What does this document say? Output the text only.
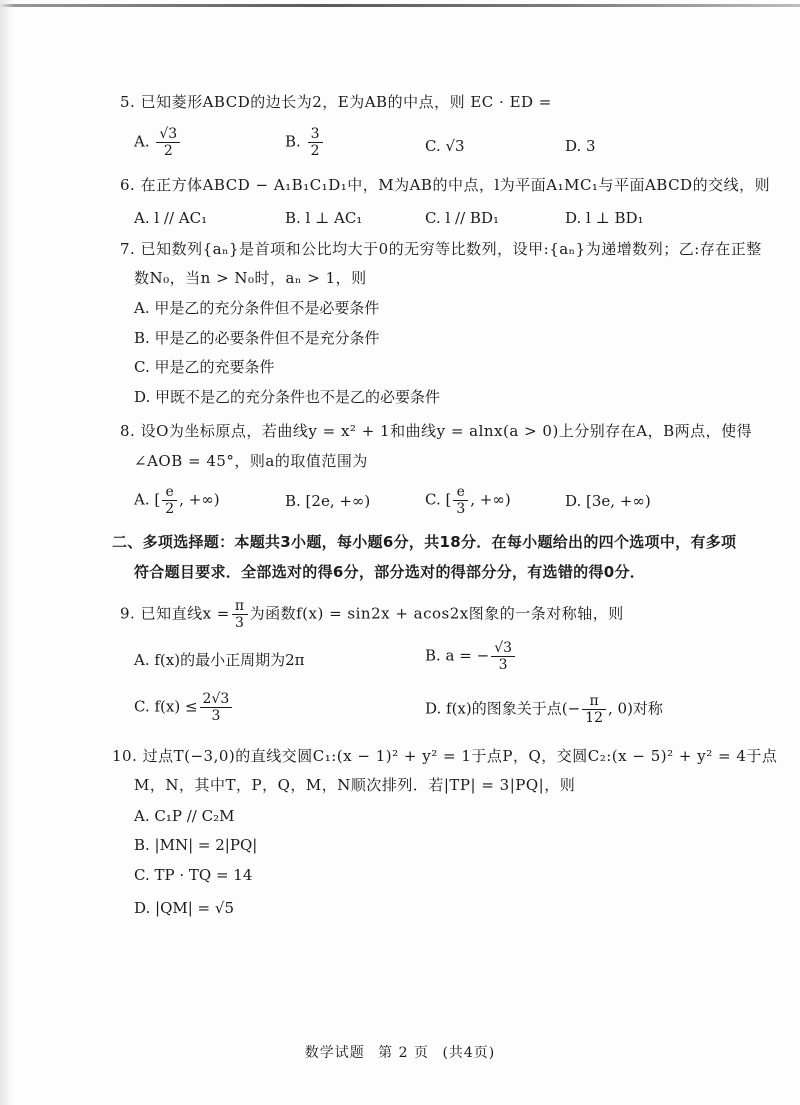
5. 已知菱形ABCD的边长为2，E为AB的中点，则 EC · ED =
A. $\frac{√3}{2}$	B. $\frac{3}{2}$	C. √3	D. 3
6. 在正方体ABCD − A₁B₁C₁D₁中，M为AB的中点，l为平面A₁MC₁与平面ABCD的交线，则
A. l // AC₁	B. l ⊥ AC₁	C. l // BD₁	D. l ⊥ BD₁
7. 已知数列{aₙ}是首项和公比均大于0的无穷等比数列，设甲:{aₙ}为递增数列；乙:存在正整
数N₀，当n > N₀时，aₙ > 1，则
A. 甲是乙的充分条件但不是必要条件
B. 甲是乙的必要条件但不是充分条件
C. 甲是乙的充要条件
D. 甲既不是乙的充分条件也不是乙的必要条件
8. 设O为坐标原点，若曲线y = x² + 1和曲线y = alnx(a > 0)上分别存在A，B两点，使得
∠AOB = 45°，则a的取值范围为
A. [ $\frac{e}{2}$ , +∞)	B. [2e, +∞)	C. [ $\frac{e}{3}$ , +∞)	D. [3e, +∞)
二、多项选择题：本题共3小题，每小题6分，共18分．在每小题给出的四个选项中，有多项
符合题目要求．全部选对的得6分，部分选对的得部分分，有选错的得0分．
9. 已知直线$x = \frac{\pi}{3}$ 为函数f(x) = sin2x + acos2x图象的一条对称轴，则
A. f(x)的最小正周期为2π	B. a = − $\frac{√3}{3}$
C. $f(x) \le \frac{2√3}{3}$	D. f(x)的图象关于点(− $\frac{\pi}{12}$ , 0)对称
10. 过点T(−3,0)的直线交圆C₁:(x − 1)² + y² = 1于点P，Q，交圆C₂:(x − 5)² + y² = 4于点
M，N，其中T，P，Q，M，N顺次排列．若|TP| = 3|PQ|，则
A. C₁P // C₂M
B. |MN| = 2|PQ|
C. TP · TQ = 14
D. |QM| = √5
数学试题 第 2 页 (共4页)
